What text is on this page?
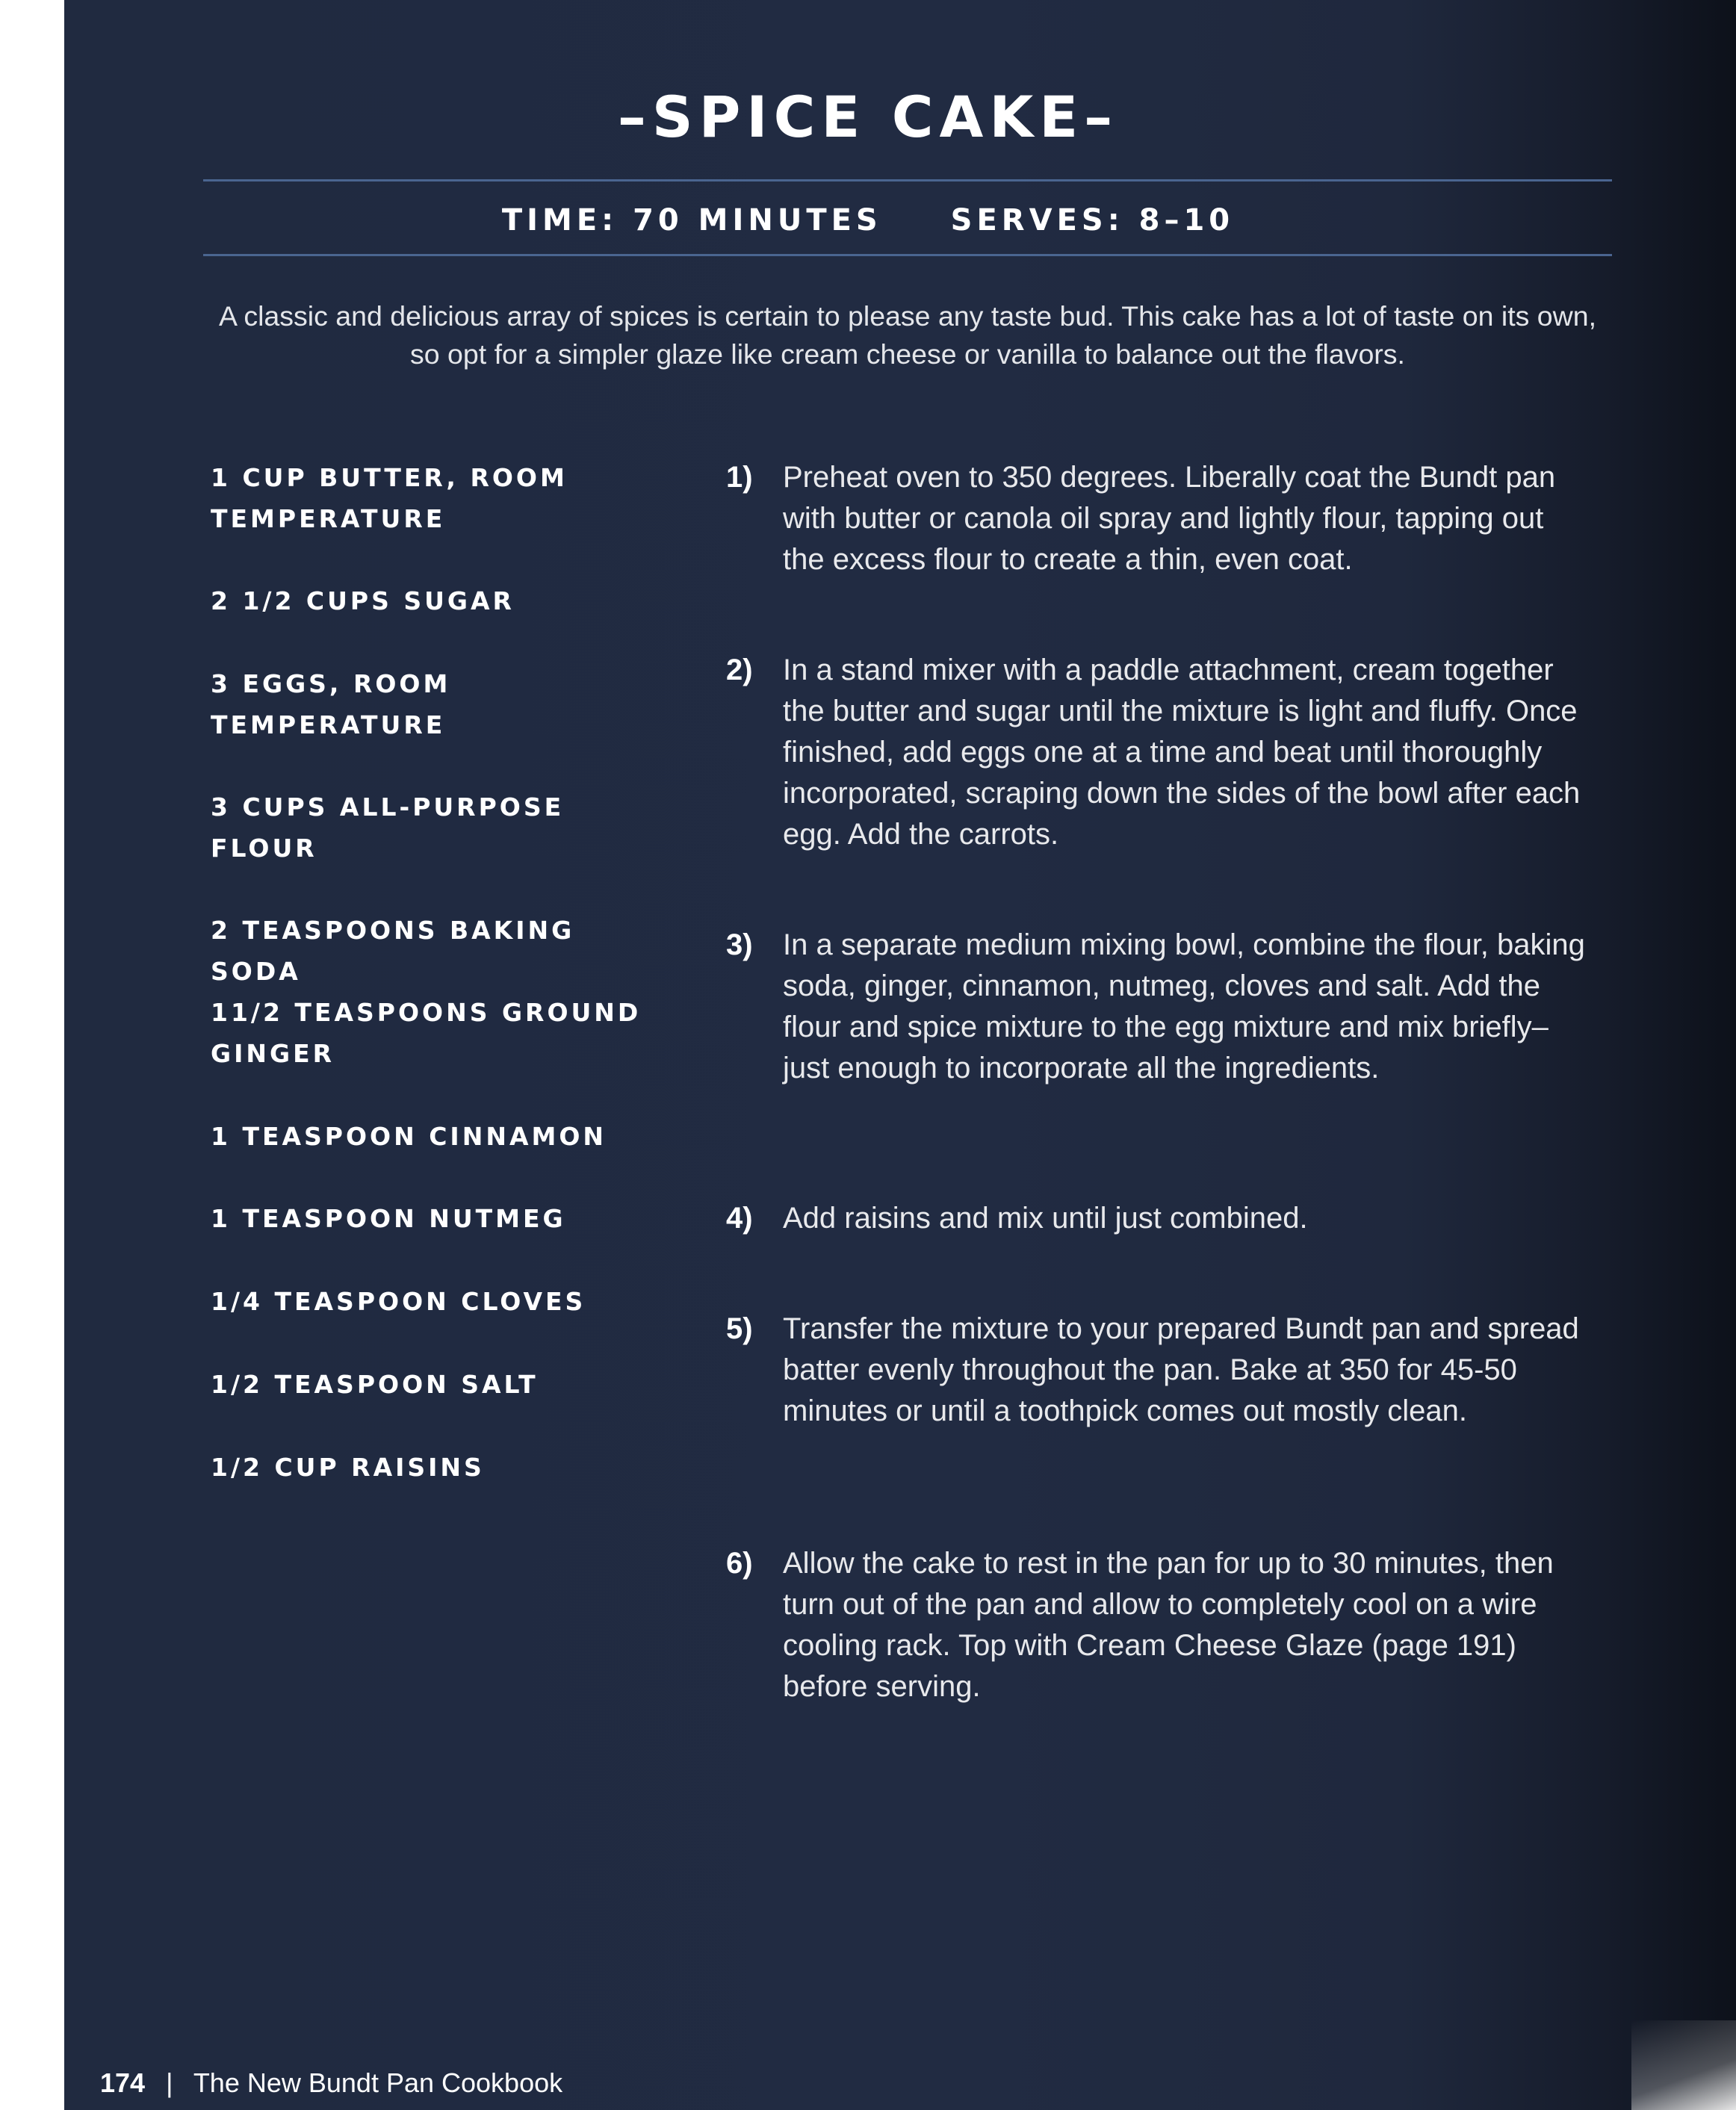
–SPICE CAKE–
TIME: 70 MINUTES SERVES: 8–10
A classic and delicious array of spices is certain to please any taste bud. This cake has a lot of taste on its own, so opt for a simpler glaze like cream cheese or vanilla to balance out the flavors.
1 CUP BUTTER, ROOM TEMPERATURE
2 1/2 CUPS SUGAR
3 EGGS, ROOM TEMPERATURE
3 CUPS ALL-PURPOSE FLOUR
2 TEASPOONS BAKING SODA
11/2 TEASPOONS GROUND GINGER
1 TEASPOON CINNAMON
1 TEASPOON NUTMEG
1/4 TEASPOON CLOVES
1/2 TEASPOON SALT
1/2 CUP RAISINS
1) Preheat oven to 350 degrees. Liberally coat the Bundt pan with butter or canola oil spray and lightly flour, tapping out the excess flour to create a thin, even coat.
2) In a stand mixer with a paddle attachment, cream together the butter and sugar until the mixture is light and fluffy. Once finished, add eggs one at a time and beat until thoroughly incorporated, scraping down the sides of the bowl after each egg. Add the carrots.
3) In a separate medium mixing bowl, combine the flour, baking soda, ginger, cinnamon, nutmeg, cloves and salt. Add the flour and spice mixture to the egg mixture and mix briefly–just enough to incorporate all the ingredients.
4) Add raisins and mix until just combined.
5) Transfer the mixture to your prepared Bundt pan and spread batter evenly throughout the pan. Bake at 350 for 45-50 minutes or until a toothpick comes out mostly clean.
6) Allow the cake to rest in the pan for up to 30 minutes, then turn out of the pan and allow to completely cool on a wire cooling rack. Top with Cream Cheese Glaze (page 191) before serving.
174 | The New Bundt Pan Cookbook
